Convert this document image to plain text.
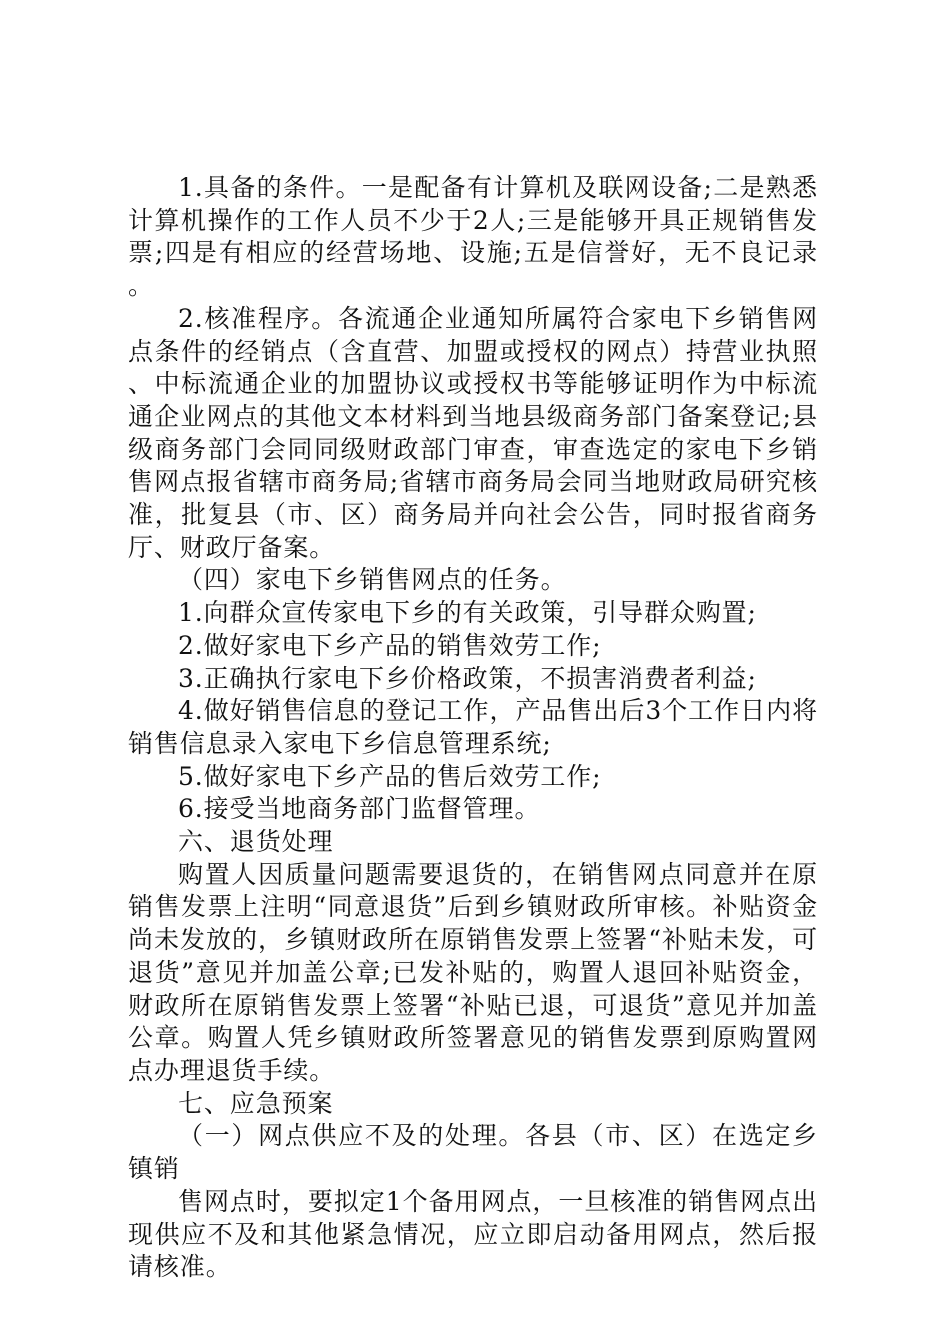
1.具备的条件。一是配备有计算机及联网设备;二是熟悉计算机操作的工作人员不少于2人;三是能够开具正规销售发票;四是有相应的经营场地、设施;五是信誉好，无不良记录。

2.核准程序。各流通企业通知所属符合家电下乡销售网点条件的经销点（含直营、加盟或授权的网点）持营业执照、中标流通企业的加盟协议或授权书等能够证明作为中标流通企业网点的其他文本材料到当地县级商务部门备案登记;县级商务部门会同同级财政部门审查，审查选定的家电下乡销售网点报省辖市商务局;省辖市商务局会同当地财政局研究核准，批复县（市、区）商务局并向社会公告，同时报省商务厅、财政厅备案。

（四）家电下乡销售网点的任务。

1.向群众宣传家电下乡的有关政策，引导群众购置;

2.做好家电下乡产品的销售效劳工作;

3.正确执行家电下乡价格政策，不损害消费者利益;

4.做好销售信息的登记工作，产品售出后3个工作日内将销售信息录入家电下乡信息管理系统;

5.做好家电下乡产品的售后效劳工作;

6.接受当地商务部门监督管理。

六、退货处理

购置人因质量问题需要退货的，在销售网点同意并在原销售发票上注明“同意退货”后到乡镇财政所审核。补贴资金尚未发放的，乡镇财政所在原销售发票上签署“补贴未发，可退货”意见并加盖公章;已发补贴的，购置人退回补贴资金，财政所在原销售发票上签署“补贴已退，可退货”意见并加盖公章。购置人凭乡镇财政所签署意见的销售发票到原购置网点办理退货手续。

七、应急预案

（一）网点供应不及的处理。各县（市、区）在选定乡镇销

售网点时，要拟定1个备用网点，一旦核准的销售网点出现供应不及和其他紧急情况，应立即启动备用网点，然后报请核准。
